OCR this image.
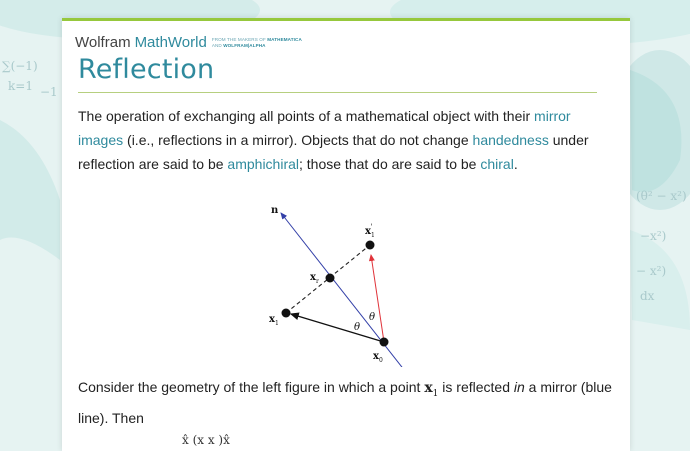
∑(−1)
k=1 −1
(θ² − x²)
−x²)
− x²)
dx
Wolfram MathWorld FROM THE MAKERS OF MATHEMATICA
AND WOLFRAM|ALPHA
Reflection

The operation of exchanging all points of a mathematical object with their mirror images (i.e., reflections in a mirror). Objects that do not change handedness under reflection are said to be amphichiral; those that do are said to be chiral.

n
$x_1'$
$x_r$
$x_1$
$x_0$
θ
θ

Consider the geometry of the left figure in which a point $x_1$ is reflected in a mirror (blue line). Then

x̂ (x x )x̂
